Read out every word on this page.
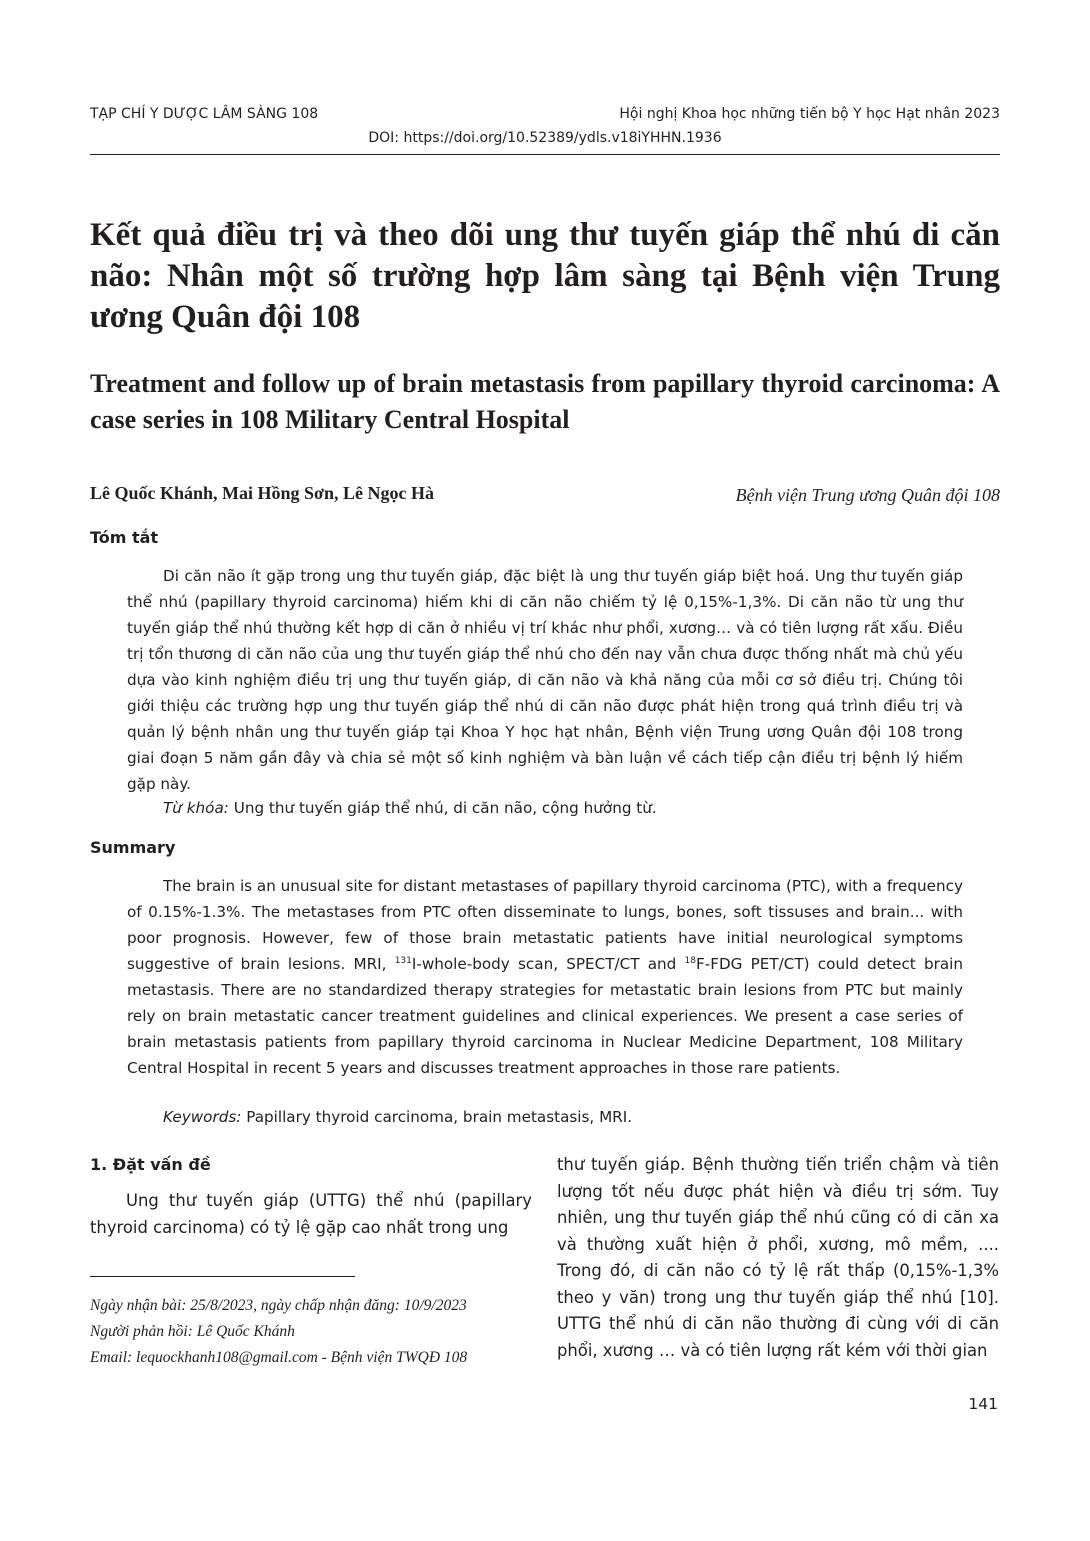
TẠP CHÍ Y DƯỢC LÂM SÀNG 108	Hội nghị Khoa học những tiến bộ Y học Hạt nhân 2023
DOI: https://doi.org/10.52389/ydls.v18iYHHN.1936
Kết quả điều trị và theo dõi ung thư tuyến giáp thể nhú di căn não: Nhân một số trường hợp lâm sàng tại Bệnh viện Trung ương Quân đội 108
Treatment and follow up of brain metastasis from papillary thyroid carcinoma: A case series in 108 Military Central Hospital
Lê Quốc Khánh, Mai Hồng Sơn, Lê Ngọc Hà	Bệnh viện Trung ương Quân đội 108
Tóm tắt

Di căn não ít gặp trong ung thư tuyến giáp, đặc biệt là ung thư tuyến giáp biệt hoá. Ung thư tuyến giáp thể nhú (papillary thyroid carcinoma) hiếm khi di căn não chiếm tỷ lệ 0,15%-1,3%. Di căn não từ ung thư tuyến giáp thể nhú thường kết hợp di căn ở nhiều vị trí khác như phổi, xương… và có tiên lượng rất xấu. Điều trị tổn thương di căn não của ung thư tuyến giáp thể nhú cho đến nay vẫn chưa được thống nhất mà chủ yếu dựa vào kinh nghiệm điều trị ung thư tuyến giáp, di căn não và khả năng của mỗi cơ sở điều trị. Chúng tôi giới thiệu các trường hợp ung thư tuyến giáp thể nhú di căn não được phát hiện trong quá trình điều trị và quản lý bệnh nhân ung thư tuyến giáp tại Khoa Y học hạt nhân, Bệnh viện Trung ương Quân đội 108 trong giai đoạn 5 năm gần đây và chia sẻ một số kinh nghiệm và bàn luận về cách tiếp cận điều trị bệnh lý hiếm gặp này.

Từ khóa: Ung thư tuyến giáp thể nhú, di căn não, cộng hưởng từ.
Summary

The brain is an unusual site for distant metastases of papillary thyroid carcinoma (PTC), with a frequency of 0.15%-1.3%. The metastases from PTC often disseminate to lungs, bones, soft tissuses and brain... with poor prognosis. However, few of those brain metastatic patients have initial neurological symptoms suggestive of brain lesions. MRI, $^{131}$I-whole-body scan, SPECT/CT and $^{18}$F-FDG PET/CT) could detect brain metastasis. There are no standardized therapy strategies for metastatic brain lesions from PTC but mainly rely on brain metastatic cancer treatment guidelines and clinical experiences. We present a case series of brain metastasis patients from papillary thyroid carcinoma in Nuclear Medicine Department, 108 Military Central Hospital in recent 5 years and discusses treatment approaches in those rare patients.

Keywords: Papillary thyroid carcinoma, brain metastasis, MRI.
1. Đặt vấn đề

Ung thư tuyến giáp (UTTG) thể nhú (papillary thyroid carcinoma) có tỷ lệ gặp cao nhất trong ung

thư tuyến giáp. Bệnh thường tiến triển chậm và tiên lượng tốt nếu được phát hiện và điều trị sớm. Tuy nhiên, ung thư tuyến giáp thể nhú cũng có di căn xa và thường xuất hiện ở phổi, xương, mô mềm, .... Trong đó, di căn não có tỷ lệ rất thấp (0,15%-1,3% theo y văn) trong ung thư tuyến giáp thể nhú [10]. UTTG thể nhú di căn não thường đi cùng với di căn phổi, xương … và có tiên lượng rất kém với thời gian

Ngày nhận bài: 25/8/2023, ngày chấp nhận đăng: 10/9/2023
Người phản hồi: Lê Quốc Khánh
Email: lequockhanh108@gmail.com - Bệnh viện TWQĐ 108
141
